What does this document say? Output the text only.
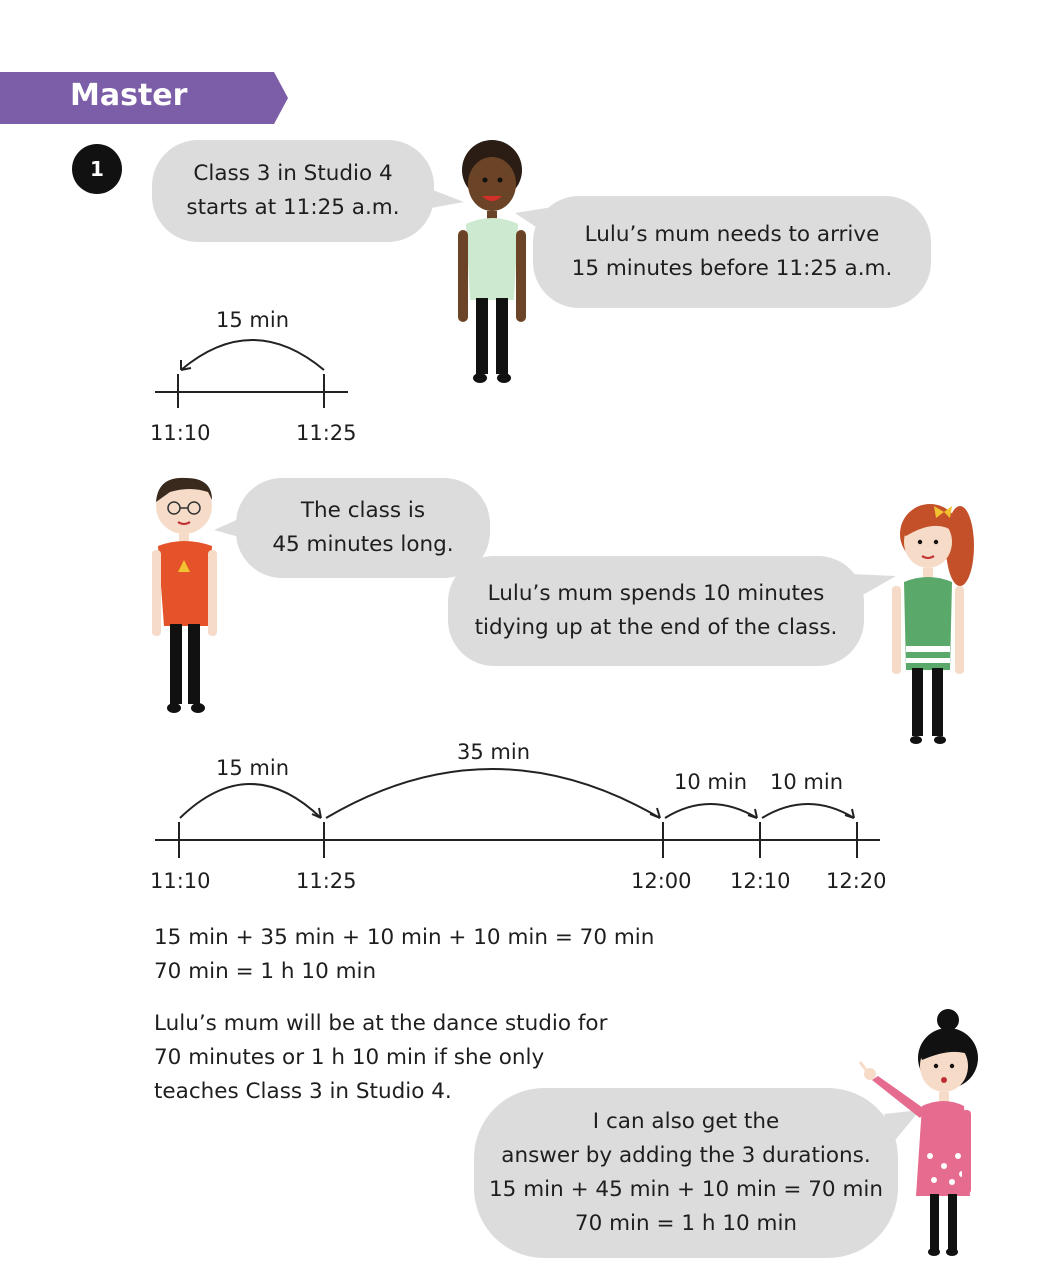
Master
1	Class 3 in Studio 4
starts at 11:25 a.m.
Lulu’s mum needs to arrive
15 minutes before 11:25 a.m.
15 min
11:10	11:25
The class is
45 minutes long.
Lulu’s mum spends 10 minutes
tidying up at the end of the class.
15 min
35 min
10 min 10 min
11:10	11:25	12:00 12:10 12:20
15 min + 35 min + 10 min + 10 min = 70 min
70 min = 1 h 10 min
Lulu’s mum will be at the dance studio for
70 minutes or 1 h 10 min if she only
teaches Class 3 in Studio 4.
I can also get the
answer by adding the 3 durations.
15 min + 45 min + 10 min = 70 min
70 min = 1 h 10 min
